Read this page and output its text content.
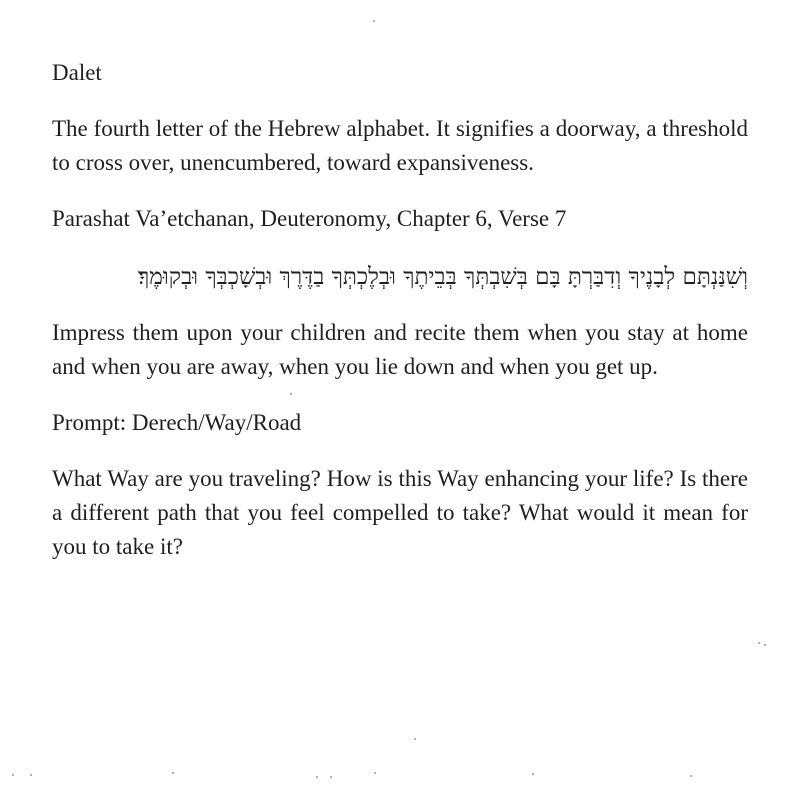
Dalet
The fourth letter of the Hebrew alphabet. It signifies a doorway, a threshold to cross over, unencumbered, toward expansiveness.
Parashat Va’etchanan, Deuteronomy, Chapter 6, Verse 7
וְשִׁנַּנְתָּם לְבָנֶיךָ וְדִבַּרְתָּ בָּם בְּשִׁבְתְּךָ בְּבֵיתֶךָ וּבְלֶכְתְּךָ בַדֶּרֶךְ וּבְשָׁכְבְּךָ וּבְקוּמֶךָ׃
Impress them upon your children and recite them when you stay at home and when you are away, when you lie down and when you get up.
Prompt: Derech/Way/Road
What Way are you traveling? How is this Way enhancing your life? Is there a different path that you feel compelled to take? What would it mean for you to take it?
